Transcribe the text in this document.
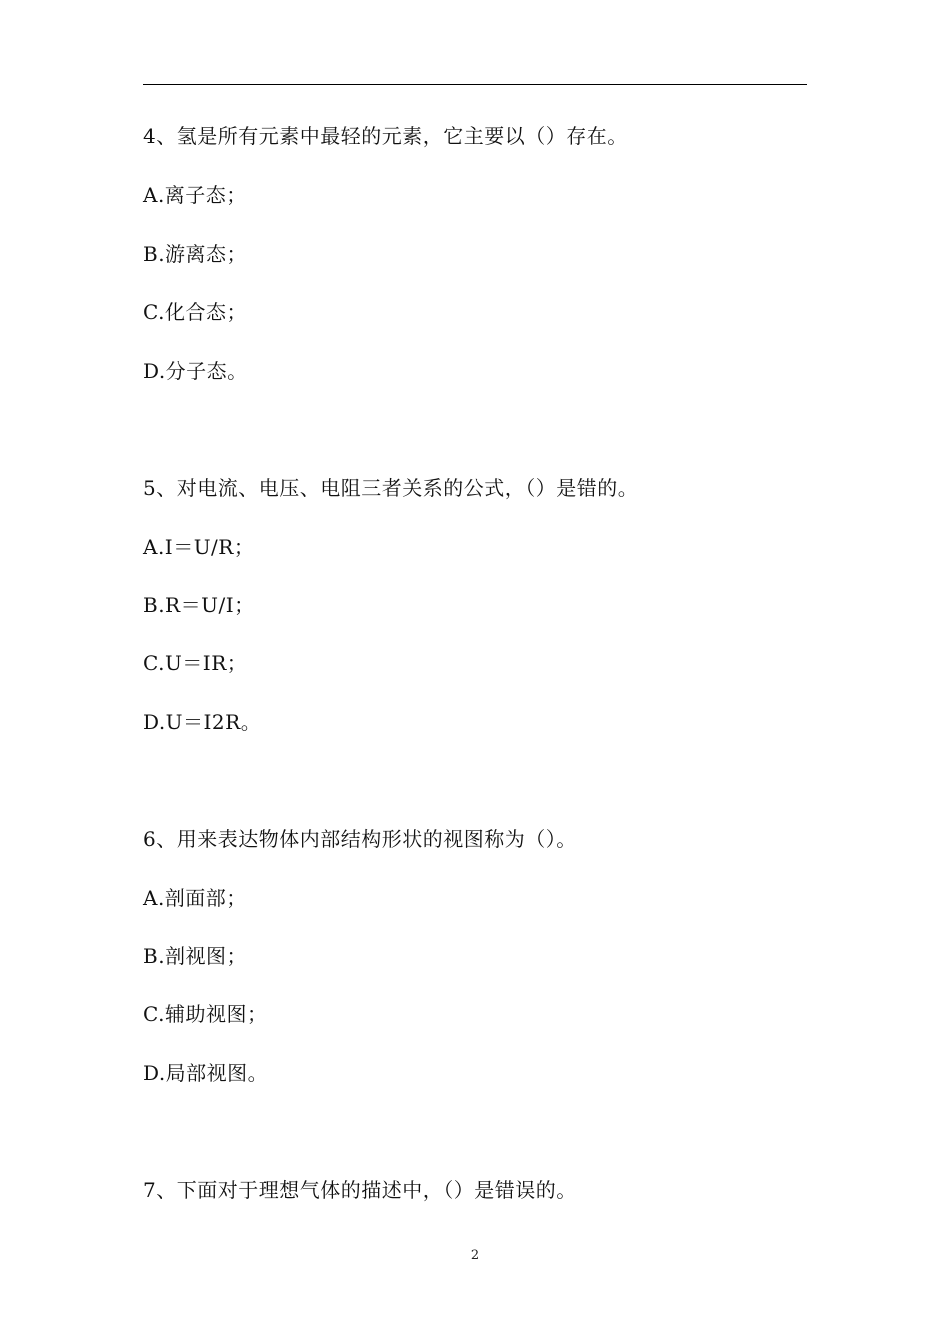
4、氢是所有元素中最轻的元素，它主要以（）存在。
A.离子态；
B.游离态；
C.化合态；
D.分子态。
5、对电流、电压、电阻三者关系的公式，（）是错的。
A.I＝U/R；
B.R＝U/I；
C.U＝IR；
D.U＝I2R。
6、用来表达物体内部结构形状的视图称为（）。
A.剖面部；
B.剖视图；
C.辅助视图；
D.局部视图。
7、下面对于理想气体的描述中，（）是错误的。
2
